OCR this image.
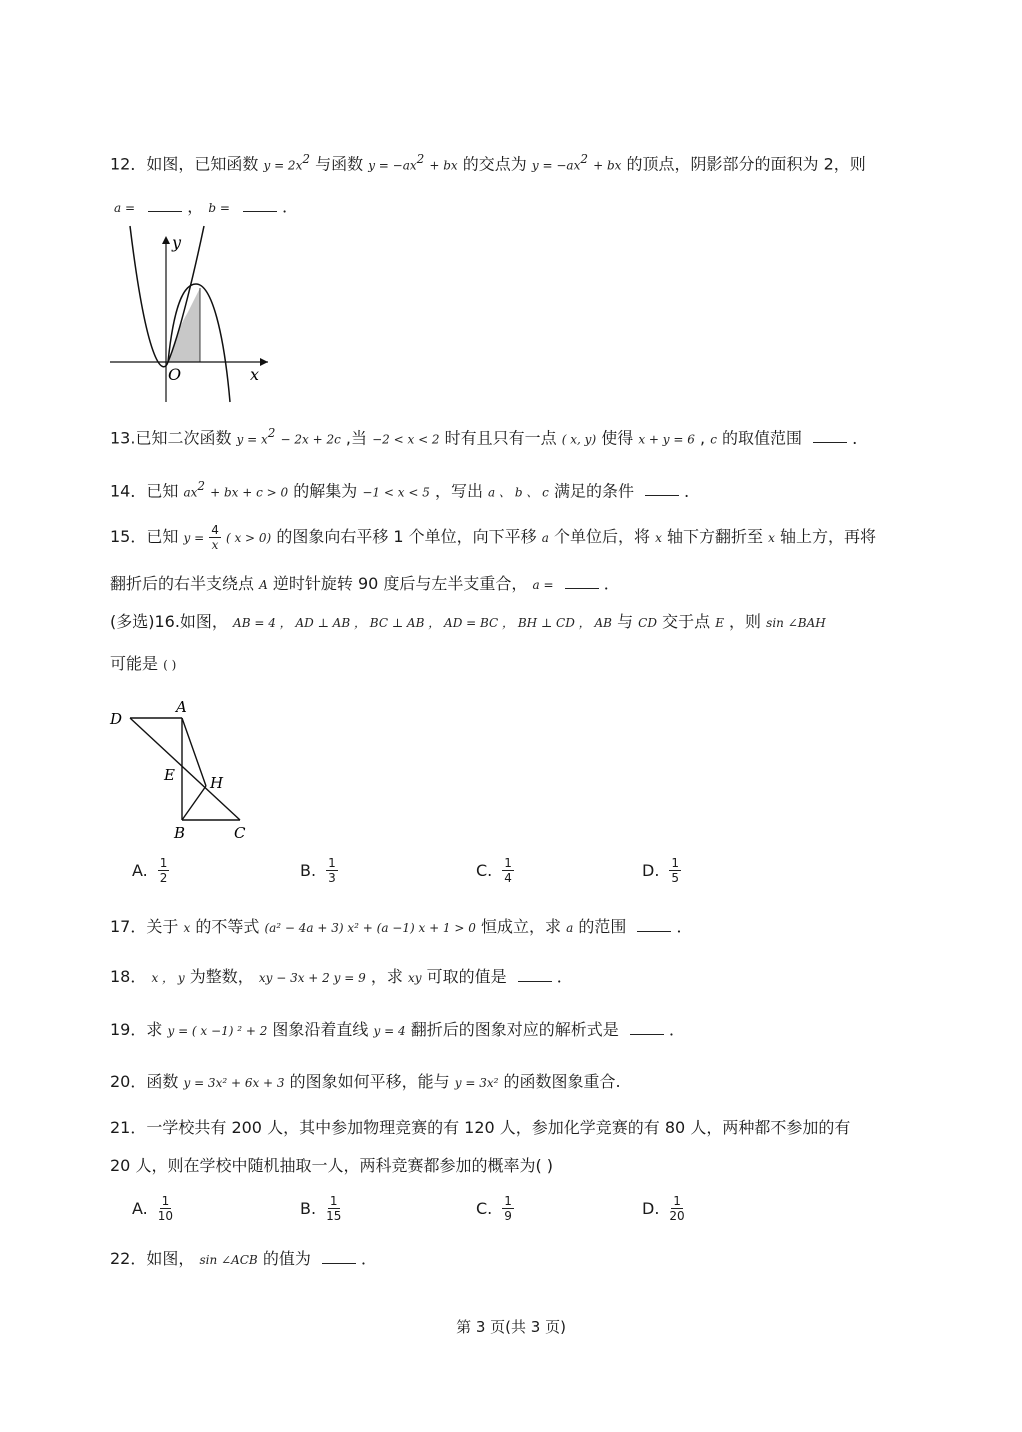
12．如图，已知函数 $y = 2x^2$ 与函数 $y = -ax^2$ + bx 的交点为 $y = -ax^2$ + bx 的顶点，阴影部分的面积为 2，则
a =	， b =	．
y
x
O
13.已知二次函数 $y = x^2 - 2x + 2c$ ,当 −2 < x < 2 时有且只有一点 ( x, y) 使得 x + y = 6 , c 的取值范围	．
14．已知 $ax^2$ + bx + c > 0 的解集为 −1 < x < 5 ，写出 a 、 b 、 c 满足的条件	．
15．已知 $y = \frac{4}{x}$ ( x > 0) 的图象向右平移 1 个单位，向下平移 a 个单位后，将 x 轴下方翻折至 x 轴上方，再将
翻折后的右半支绕点 A 逆时针旋转 90 度后与左半支重合， a =	．
(多选)16.如图， AB = 4 ， AD ⊥ AB ， BC ⊥ AB ， AD = BC ， BH ⊥ CD ， AB 与 CD 交于点 E ，则 sin ∠BAH
可能是 ( )
D
A
E H
B	C
A. $\frac{1}{2}$	B. $\frac{1}{3}$	C. $\frac{1}{4}$	D. $\frac{1}{5}$
17．关于 x 的不等式 (a² − 4a + 3) x² + (a −1) x + 1 > 0 恒成立，求 a 的范围	．
18． x ， y 为整数， xy − 3x + 2 y = 9 ，求 xy 可取的值是	．
19．求 y = ( x −1) ² + 2 图象沿着直线 y = 4 翻折后的图象对应的解析式是	．
20．函数 y = 3x² + 6x + 3 的图象如何平移，能与 y = 3x² 的函数图象重合.
21．一学校共有 200 人，其中参加物理竞赛的有 120 人，参加化学竞赛的有 80 人，两种都不参加的有
20 人，则在学校中随机抽取一人，两科竞赛都参加的概率为( )
A. $\frac{1}{10}$	B. $\frac{1}{15}$	C. $\frac{1}{9}$	D. $\frac{1}{20}$
22．如图， sin ∠ACB 的值为	．
第 3 页(共 3 页)
